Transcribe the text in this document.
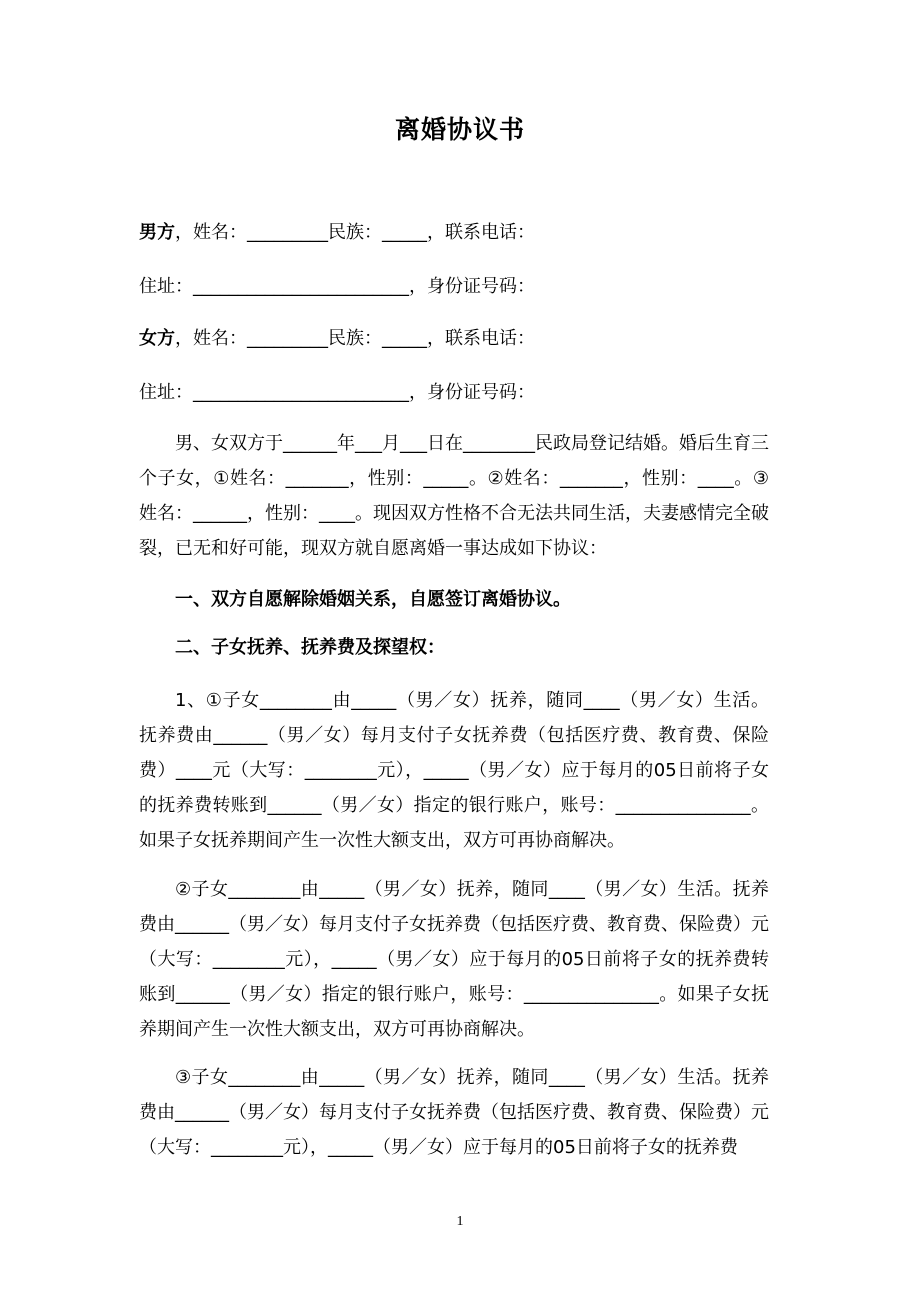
离婚协议书
男方，姓名：_________民族：_____，联系电话：
住址：________________________，身份证号码：
女方，姓名：_________民族：_____，联系电话：
住址：________________________，身份证号码：
男、女双方于______年___月___日在________民政局登记结婚。婚后生育三个子女，①姓名：_______，性别：_____。②姓名：_______，性别：____。③姓名：______，性别：____。现因双方性格不合无法共同生活，夫妻感情完全破裂，已无和好可能，现双方就自愿离婚一事达成如下协议：
一、双方自愿解除婚姻关系，自愿签订离婚协议。
二、子女抚养、抚养费及探望权：
1、①子女________由_____（男／女）抚养，随同____（男／女）生活。抚养费由______（男／女）每月支付子女抚养费（包括医疗费、教育费、保险费）____元（大写：________元），_____（男／女）应于每月的05日前将子女的抚养费转账到______（男／女）指定的银行账户，账号：_______________。如果子女抚养期间产生一次性大额支出，双方可再协商解决。
②子女________由_____（男／女）抚养，随同____（男／女）生活。抚养费由______（男／女）每月支付子女抚养费（包括医疗费、教育费、保险费）元（大写：________元），_____（男／女）应于每月的05日前将子女的抚养费转账到______（男／女）指定的银行账户，账号：_______________。如果子女抚养期间产生一次性大额支出，双方可再协商解决。
③子女________由_____（男／女）抚养，随同____（男／女）生活。抚养费由______（男／女）每月支付子女抚养费（包括医疗费、教育费、保险费）元（大写：________元），_____（男／女）应于每月的05日前将子女的抚养费
1
